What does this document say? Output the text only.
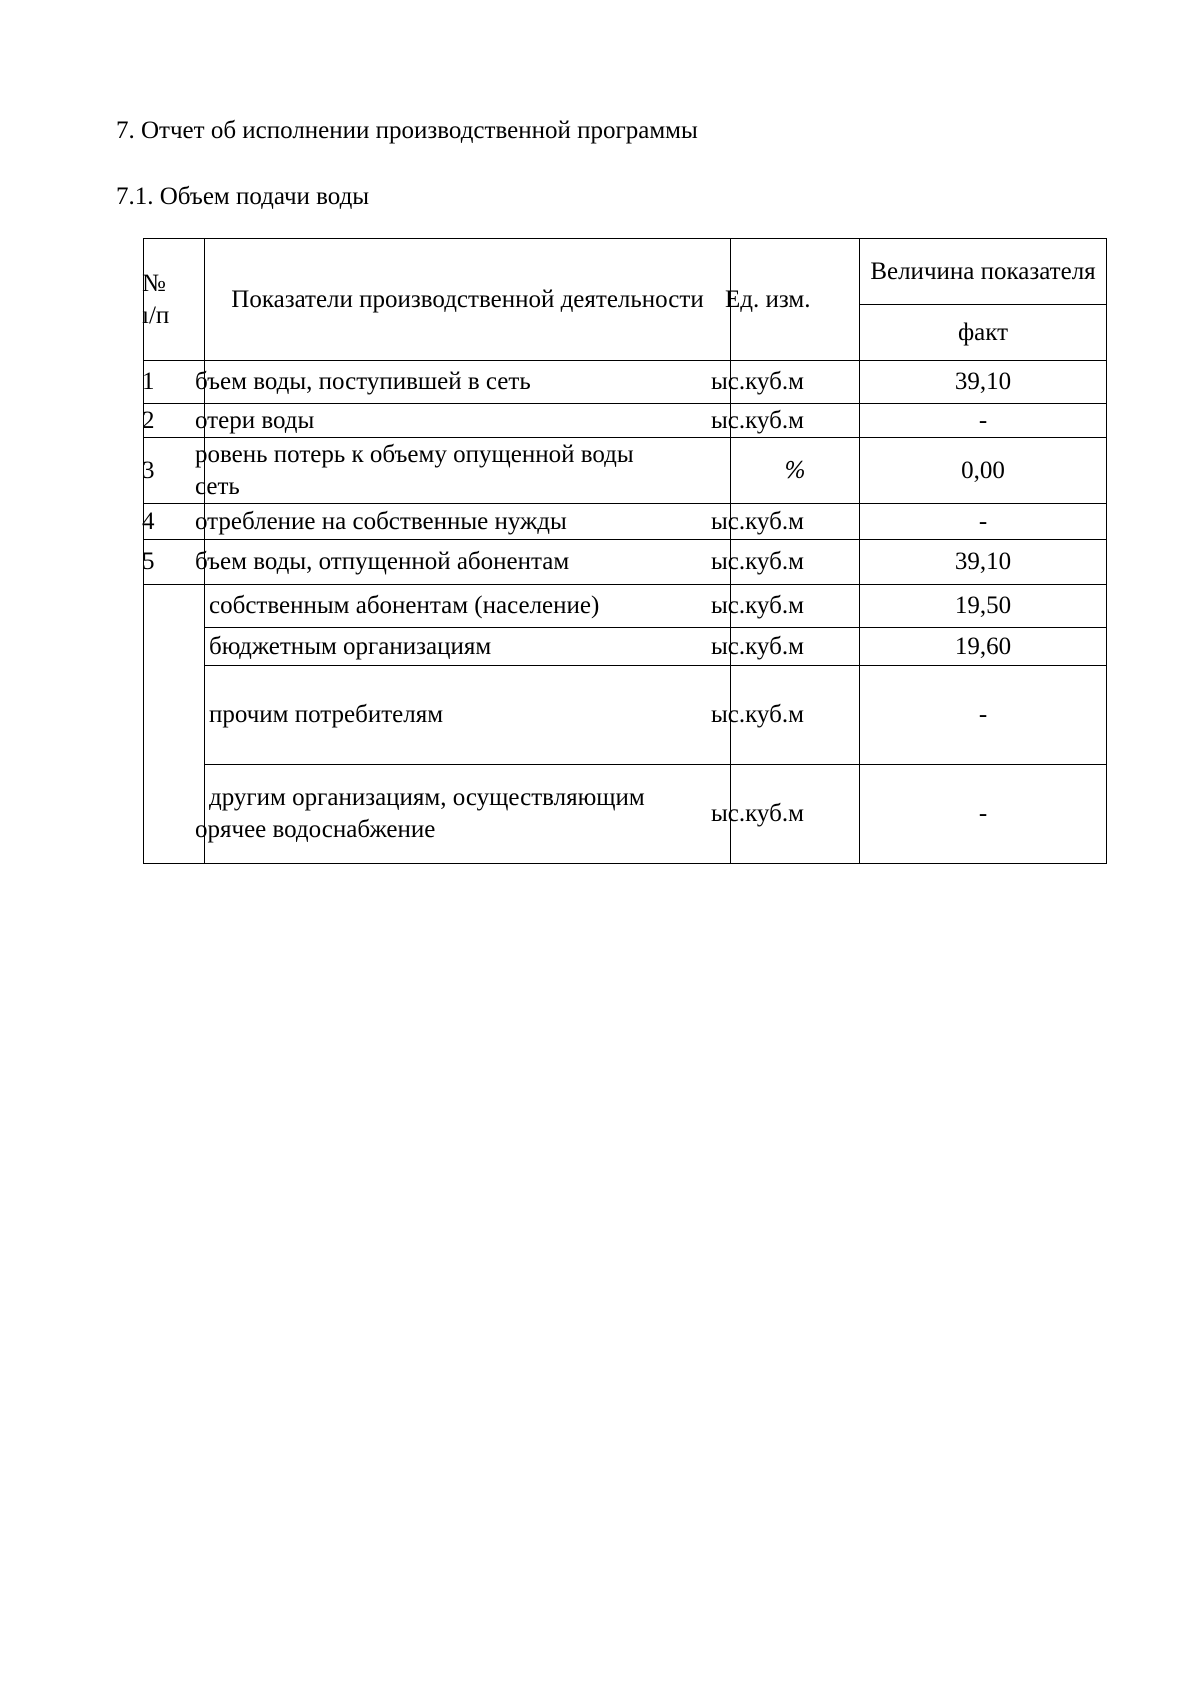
7. Отчет об исполнении производственной программы
7.1. Объем подачи воды
№
ı/п	Показатели производственной деятельности	Ед. изм.	Величина показателя
			факт
1	бъем воды, поступившей в сеть	ыс.куб.м	39,10
2	отери воды	ыс.куб.м	-
3	ровень потерь к объему опущенной воды
сеть	%	0,00
4	отребление на собственные нужды	ыс.куб.м	-
5	бъем воды, отпущенной абонентам	ыс.куб.м	39,10

	собственным абонентам (население)	ыс.куб.м	19,50

	бюджетным организациям	ыс.куб.м	19,60

	прочим потребителям	ыс.куб.м	-

	другим организациям, осуществляющим
орячее водоснабжение	ыс.куб.м	-
